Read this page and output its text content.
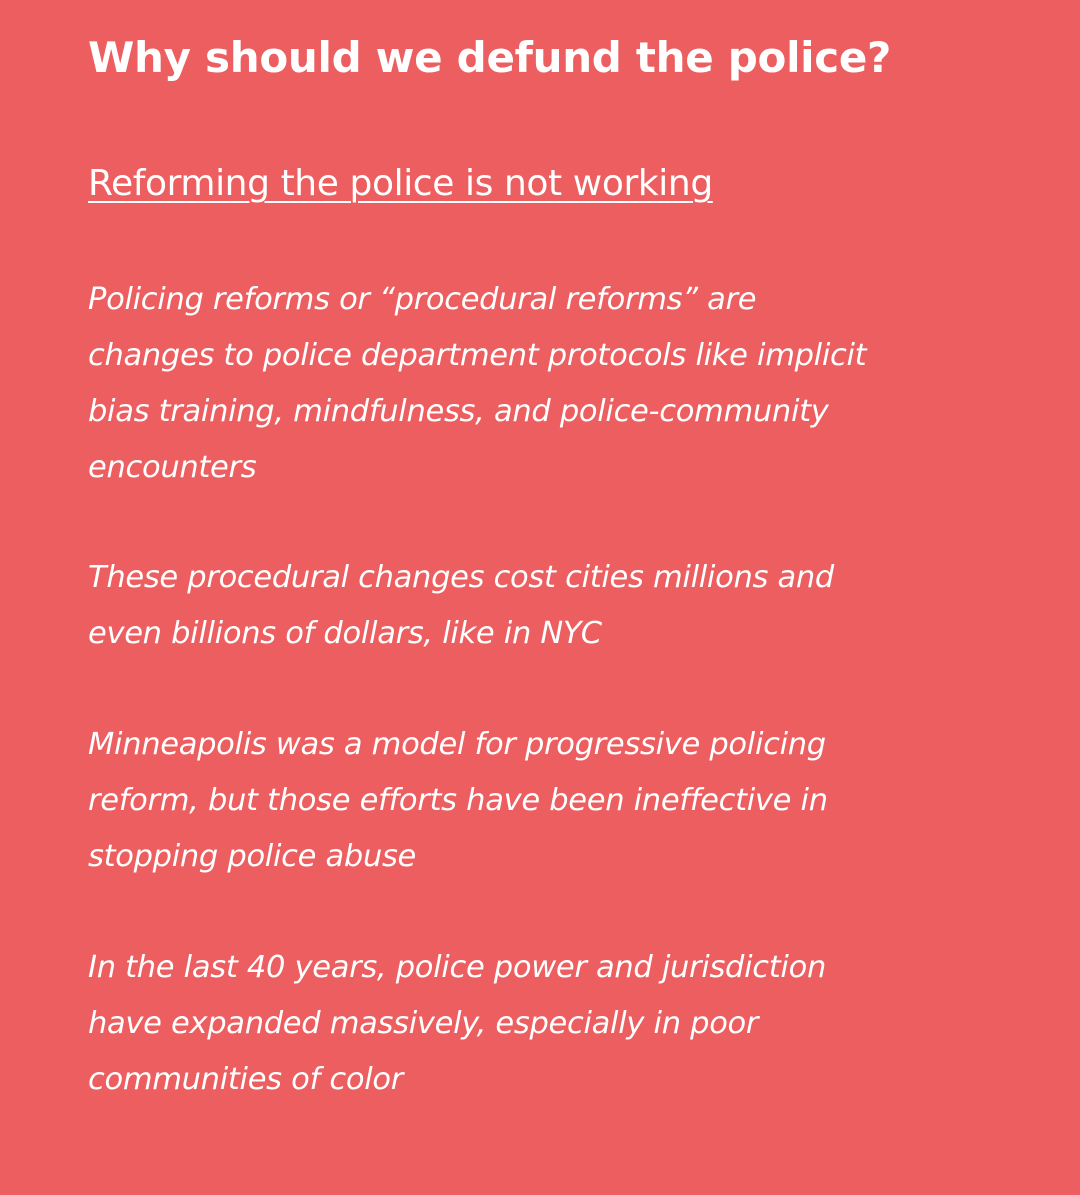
Why should we defund the police?
Reforming the police is not working

Policing reforms or “procedural reforms” are
changes to police department protocols like implicit
bias training, mindfulness, and police-community
encounters

These procedural changes cost cities millions and
even billions of dollars, like in NYC

Minneapolis was a model for progressive policing
reform, but those efforts have been ineffective in
stopping police abuse

In the last 40 years, police power and jurisdiction
have expanded massively, especially in poor
communities of color
